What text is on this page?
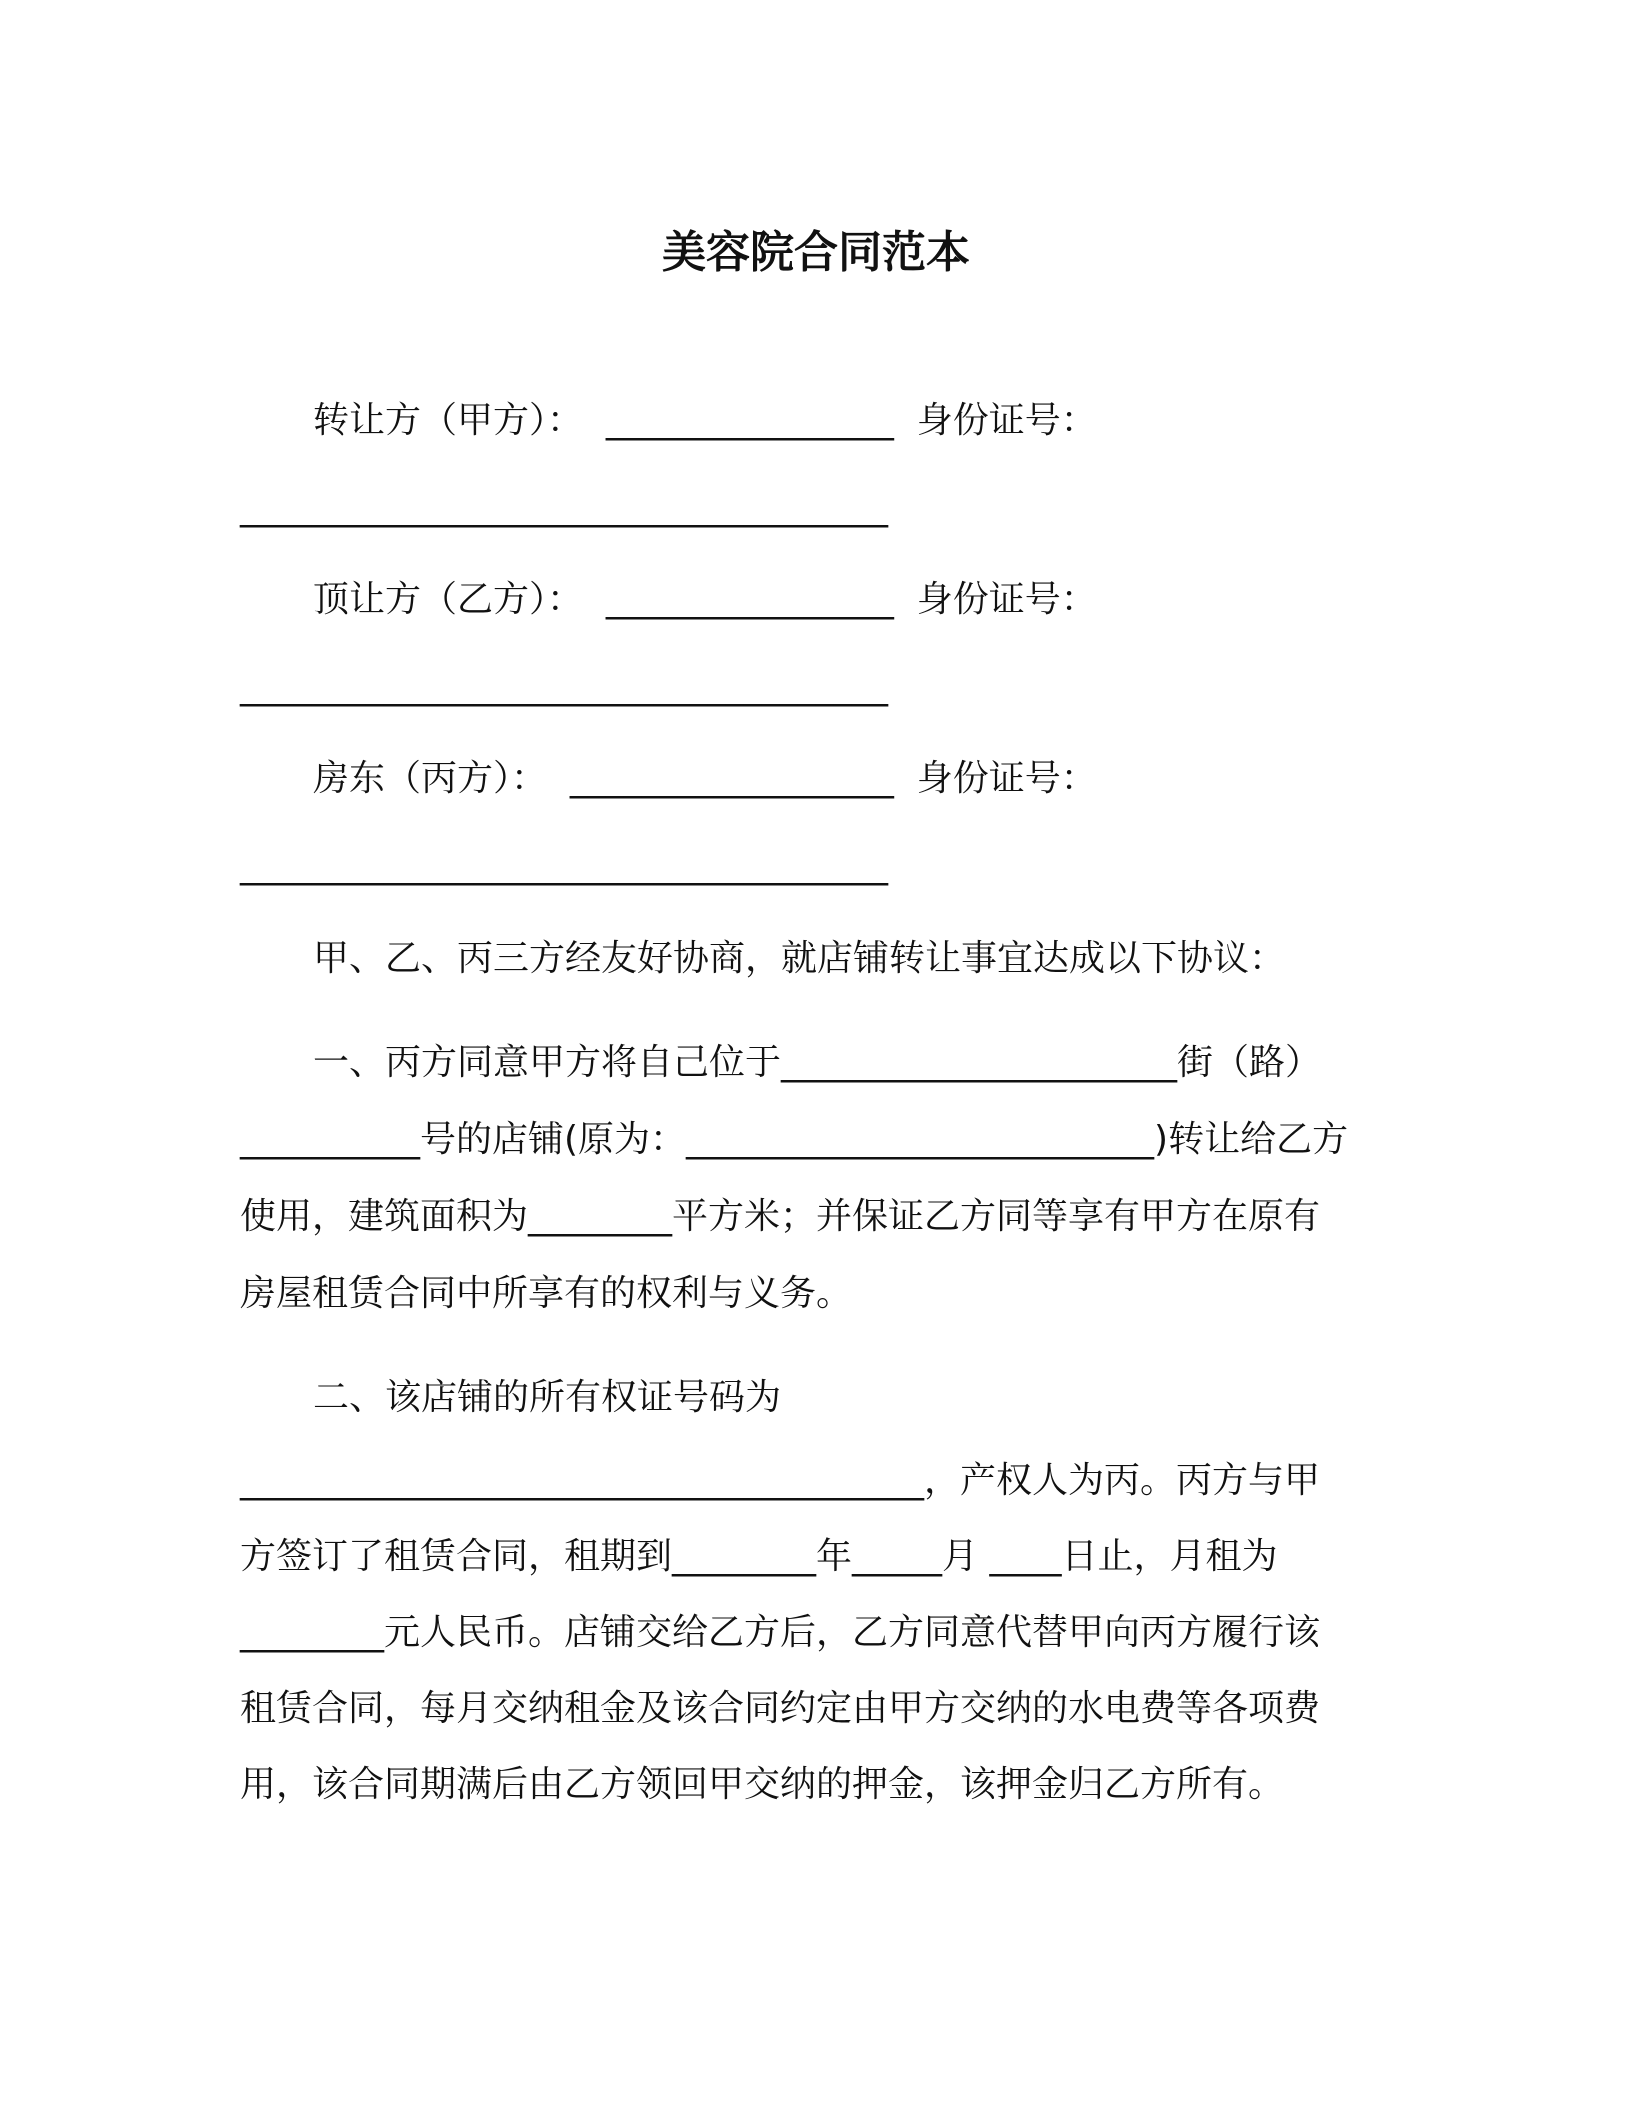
美容院合同范本
转让方（甲方）：  ________________  身份证号：
____________________________________
顶让方（乙方）：  ________________  身份证号：
____________________________________
房东（丙方）：  __________________  身份证号：
____________________________________
甲、乙、丙三方经友好协商，就店铺转让事宜达成以下协议：
一、丙方同意甲方将自己位于______________________街（路）
__________号的店铺(原为：__________________________)转让给乙方
使用，建筑面积为________平方米；并保证乙方同等享有甲方在原有
房屋租赁合同中所享有的权利与义务。
二、该店铺的所有权证号码为
______________________________________，产权人为丙。丙方与甲
方签订了租赁合同，租期到________年_____月 ____日止，月租为
________元人民币。店铺交给乙方后，乙方同意代替甲向丙方履行该
租赁合同，每月交纳租金及该合同约定由甲方交纳的水电费等各项费
用，该合同期满后由乙方领回甲交纳的押金，该押金归乙方所有。
